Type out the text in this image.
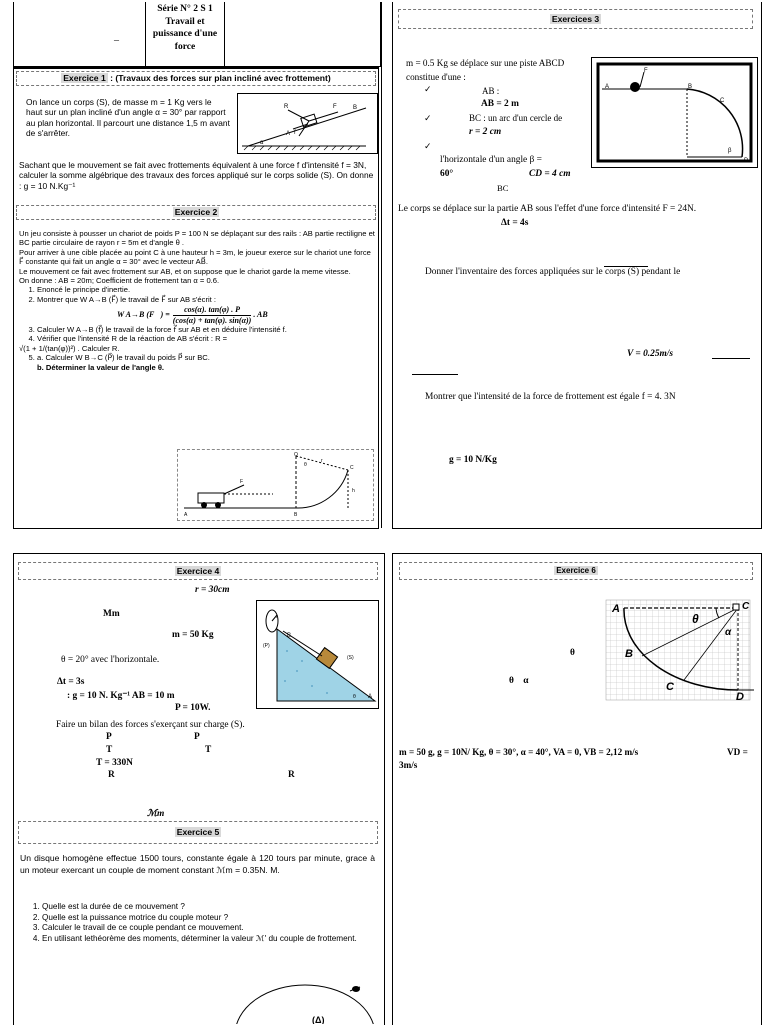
–
Série N° 2 S 1
Travail et
puissance d'une
force
Exercice 1 : (Travaux des forces sur plan incliné avec frottement)
On lance un corps (S), de masse m = 1 Kg vers le haut sur un plan incliné d'un angle α = 30° par rapport au plan horizontal. Il parcourt une distance 1,5 m avant de s'arrêter.
R	F	B
A
α
f
Sachant que le mouvement se fait avec frottements équivalent à une force f d'intensité f = 3N, calculer la somme algébrique des travaux des forces appliqué sur le corps solide (S). On donne : g = 10 N.Kg⁻¹
Exercice 2
Un jeu consiste à pousser un chariot de poids P = 100 N se déplaçant sur des rails : AB partie rectiligne et BC partie circulaire de rayon r = 5m et d'angle θ .
Pour arriver à une cible placée au point C à une hauteur h = 3m, le joueur exerce sur le chariot une force F⃗ constante qui fait un angle α = 30° avec le vecteur AB⃗.
Le mouvement ce fait avec frottement sur AB, et on suppose que le chariot garde la meme vitesse.
On donne : AB = 20m; Coefficient de frottement tan α = 0.6.
1. Enoncé le principe d'inertie.
2. Montrer que W A→B (F⃗) le travail de F⃗ sur AB s'écrit :
W A→B (F⃗) = $\frac{\cos(\alpha). \tan(\varphi) . P}{(\cos(\alpha) + \tan(\varphi). \sin(\alpha))}$ . AB
3. Calculer W A→B (f⃗) le travail de la force f⃗ sur AB et en déduire l'intensité f.
4. Vérifier que l'intensité R de la réaction de AB s'écrit : R =
√(1 + 1/(tan(φ))²) . Calculer R.
5. a. Calculer W B→C (P⃗) le travail du poids P⃗ sur BC.
b. Déterminer la valeur de l'angle θ.
O
r
C
F
h
A	B
θ
Exercices 3
m = 0.5 Kg se déplace sur une piste ABCD constitue d'une :
✓	AB :
AB = 2 m
✓	BC : un arc d'un cercle de
r = 2 cm
✓
l'horizontale d'un angle β =
60°	CD = 4 cm
BC
F
A	B
C
β
D
Le corps se déplace sur la partie AB sous l'effet d'une force d'intensité F = 24N.
Δt = 4s
Donner l'inventaire des forces appliquées sur le corps (S) pendant le
V = 0.25m/s
Montrer que l'intensité de la force de frottement est égale f = 4. 3N
g = 10 N/Kg
Exercice 4
r = 30cm
Mm
m = 50 Kg
θ = 20° avec l'horizontale.
Δt = 3s
: g = 10 N. Kg⁻¹ AB = 10 m
P = 10W.
Faire un bilan des forces s'exerçant sur charge (S).
P⃗	P⃗
T⃗	T⃗
T = 330N
R⃗	R⃗
ℳm
r
(P)
B
(S)
θ A
Exercice 5
Un disque homogène effectue 1500 tours, constante égale à 120 tours par minute, grace à un moteur exercant un couple de moment constant ℳm = 0.35N. M.
1. Quelle est la durée de ce mouvement ?
2. Quelle est la puissance motrice du couple moteur ?
3. Calculer le travail de ce couple pendant ce mouvement.
4. En utilisant lethéorème des moments, déterminer la valeur ℳ' du couple de frottement.
(Δ)
Exercice 6
A
θ
C
α
B
C
D
θ
θ    α
m = 50 g, g = 10N/ Kg, θ = 30°, α = 40°, VA = 0, VB = 2,12 m/s	VD =
3m/s
